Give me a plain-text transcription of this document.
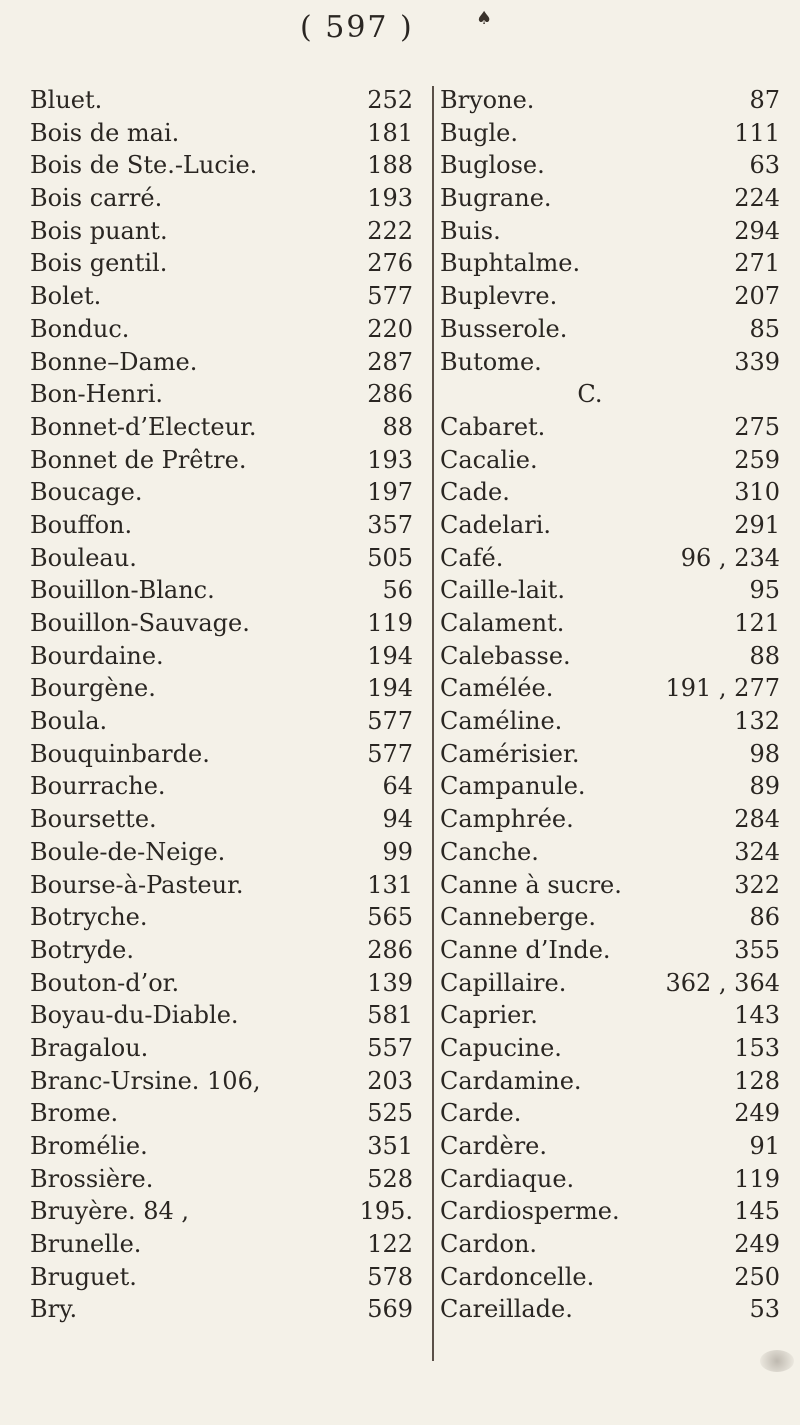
( 597 )	♠
Bluet.	252
Bois de mai.	181
Bois de Ste.-Lucie.	188
Bois carré.	193
Bois puant.	222
Bois gentil.	276
Bolet.	577
Bonduc.	220
Bonne–Dame.	287
Bon-Henri.	286
Bonnet-d’Electeur.	88
Bonnet de Prêtre.	193
Boucage.	197
Bouffon.	357
Bouleau.	505
Bouillon-Blanc.	56
Bouillon-Sauvage.	119
Bourdaine.	194
Bourgène.	194
Boula.	577
Bouquinbarde.	577
Bourrache.	64
Boursette.	94
Boule-de-Neige.	99
Bourse-à-Pasteur.	131
Botryche.	565
Botryde.	286
Bouton-d’or.	139
Boyau-du-Diable.	581
Bragalou.	557
Branc-Ursine. 106,	203
Brome.	525
Bromélie.	351
Brossière.	528
Bruyère. 84 ,	195.
Brunelle.	122
Bruguet.	578
Bry.	569
Bryone.	87
Bugle.	111
Buglose.	63
Bugrane.	224
Buis.	294
Buphtalme.	271
Buplevre.	207
Busserole.	85
Butome.	339
C.
Cabaret.	275
Cacalie.	259
Cade.	310
Cadelari.	291
Café.	96 , 234
Caille-lait.	95
Calament.	121
Calebasse.	88
Camélée.	191 , 277
Caméline.	132
Camérisier.	98
Campanule.	89
Camphrée.	284
Canche.	324
Canne à sucre.	322
Canneberge.	86
Canne d’Inde.	355
Capillaire.	362 , 364
Caprier.	143
Capucine.	153
Cardamine.	128
Carde.	249
Cardère.	91
Cardiaque.	119
Cardiosperme.	145
Cardon.	249
Cardoncelle.	250
Careillade.	53
